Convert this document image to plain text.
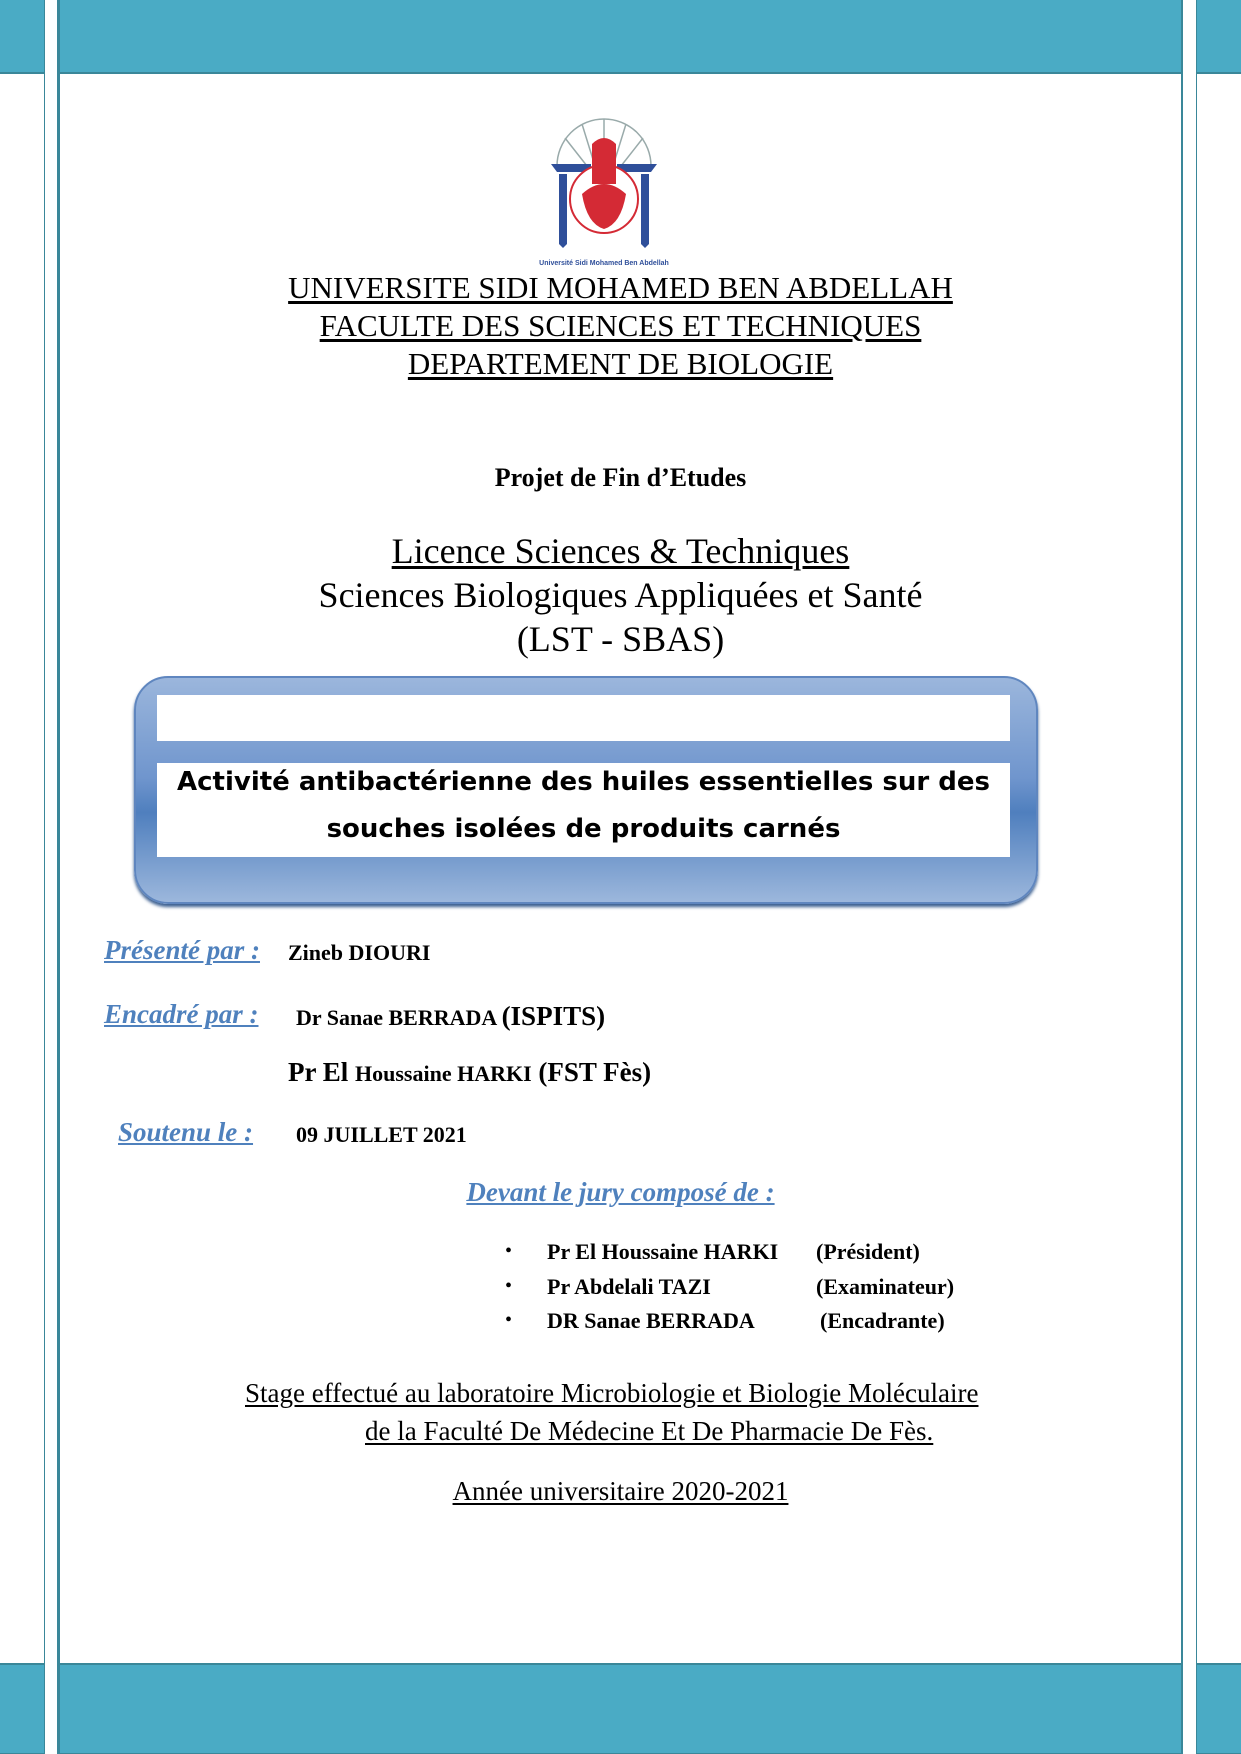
Université Sidi Mohamed Ben Abdellah
UNIVERSITE SIDI MOHAMED BEN ABDELLAH
FACULTE DES SCIENCES ET TECHNIQUES
DEPARTEMENT DE BIOLOGIE
Projet de Fin d’Etudes
Licence Sciences & Techniques
Sciences Biologiques Appliquées et Santé
(LST - SBAS)
Activité antibactérienne des huiles essentielles sur des
souches isolées de produits carnés
Présenté par : Zineb DIOURI
Encadré par : Dr Sanae BERRADA (ISPITS)
Pr El Houssaine HARKI (FST Fès)
Soutenu le : 09 JUILLET 2021
Devant le jury composé de :
• Pr El Houssaine HARKI (Président)
• Pr Abdelali TAZI	(Examinateur)
• DR Sanae BERRADA	(Encadrante)
Stage effectué au laboratoire Microbiologie et Biologie Moléculaire
de la Faculté De Médecine Et De Pharmacie De Fès.
Année universitaire 2020-2021
